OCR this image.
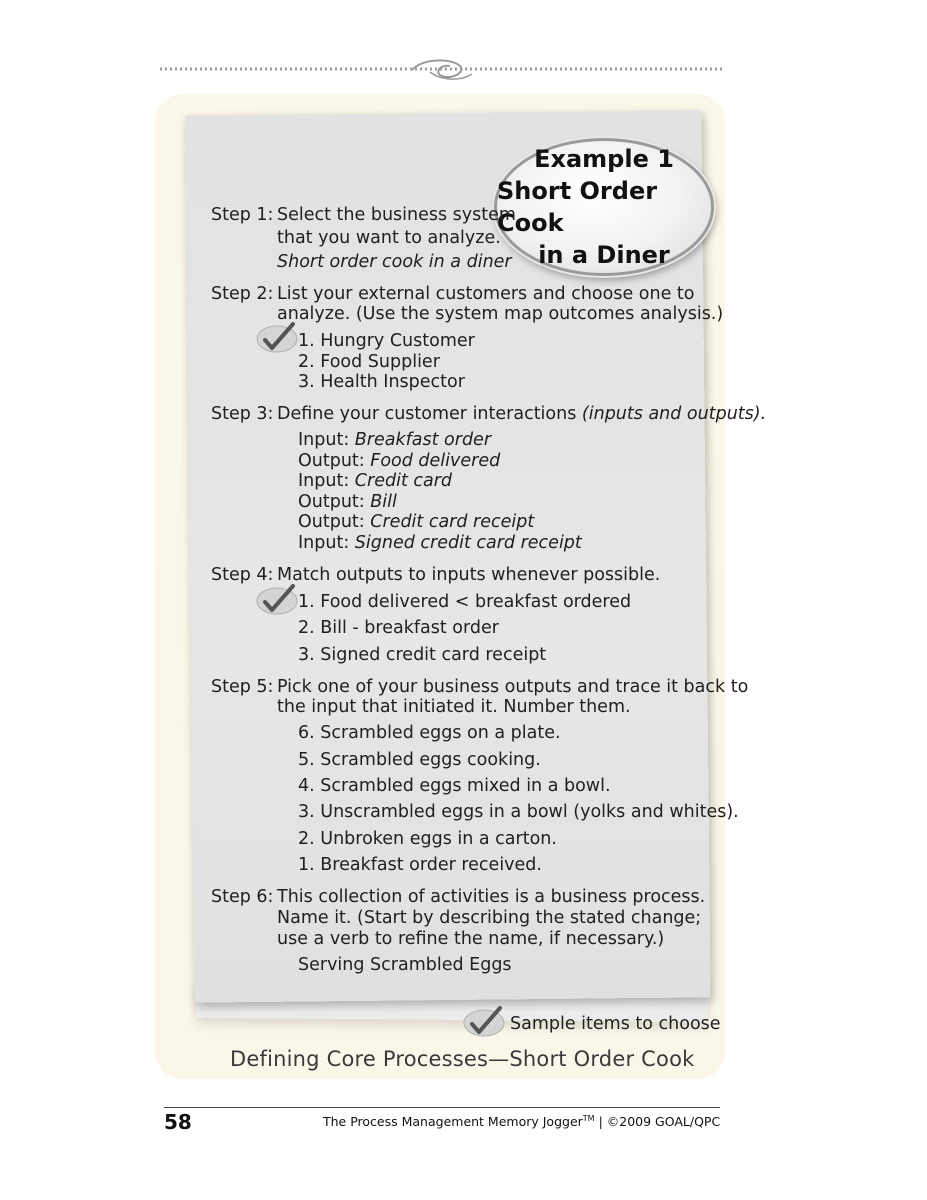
Example 1
Short Order Cook
in a Diner
Step 1: Select the business system
that you want to analyze.
Short order cook in a diner
Step 2: List your external customers and choose one to
analyze. (Use the system map outcomes analysis.)
1. Hungry Customer
2. Food Supplier
3. Health Inspector
Step 3: Define your customer interactions (inputs and outputs).
Input: Breakfast order
Output: Food delivered
Input: Credit card
Output: Bill
Output: Credit card receipt
Input: Signed credit card receipt
Step 4: Match outputs to inputs whenever possible.
1. Food delivered < breakfast ordered
2. Bill - breakfast order
3. Signed credit card receipt
Step 5: Pick one of your business outputs and trace it back to
the input that initiated it. Number them.
6. Scrambled eggs on a plate.
5. Scrambled eggs cooking.
4. Scrambled eggs mixed in a bowl.
3. Unscrambled eggs in a bowl (yolks and whites).
2. Unbroken eggs in a carton.
1. Breakfast order received.
Step 6: This collection of activities is a business process.
Name it. (Start by describing the stated change;
use a verb to refine the name, if necessary.)
Serving Scrambled Eggs
Sample items to choose
Defining Core Processes—Short Order Cook
58	The Process Management Memory Jogger™ | ©2009 GOAL/QPC
